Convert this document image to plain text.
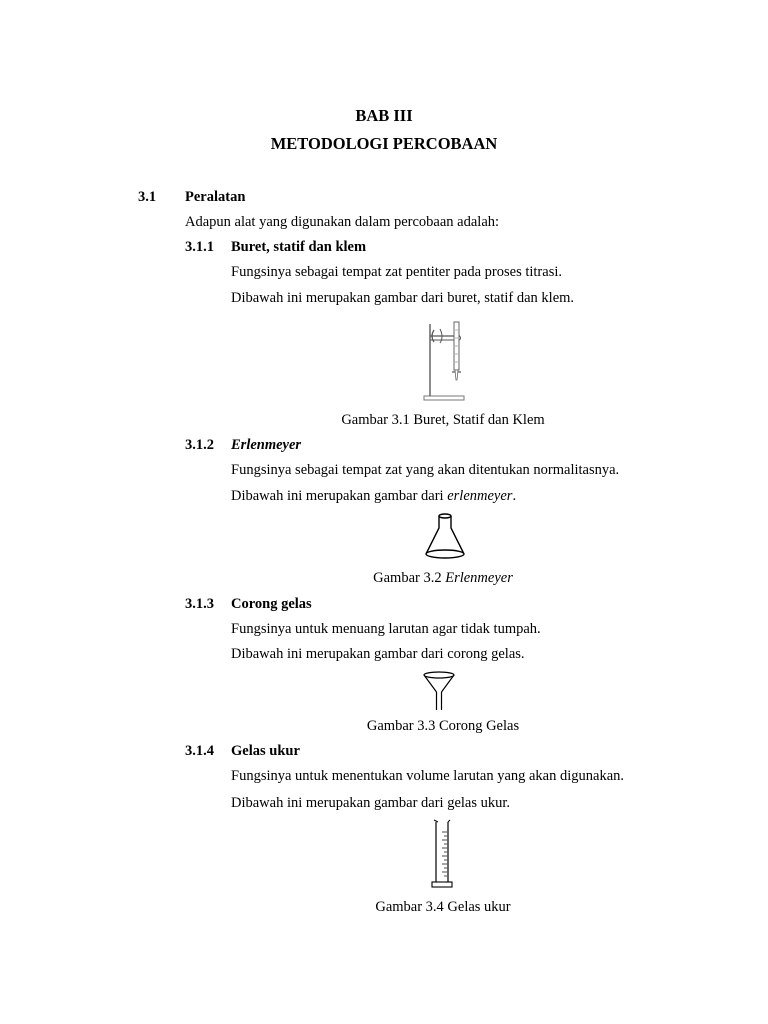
BAB III
METODOLOGI PERCOBAAN
3.1 Peralatan
Adapun alat yang digunakan dalam percobaan adalah:
3.1.1 Buret, statif dan klem
Fungsinya sebagai tempat zat pentiter pada proses titrasi.
Dibawah ini merupakan gambar dari buret, statif dan klem.
Gambar 3.1 Buret, Statif dan Klem
3.1.2 Erlenmeyer
Fungsinya sebagai tempat zat yang akan ditentukan normalitasnya.
Dibawah ini merupakan gambar dari erlenmeyer.
Gambar 3.2 Erlenmeyer
3.1.3 Corong gelas
Fungsinya untuk menuang larutan agar tidak tumpah.
Dibawah ini merupakan gambar dari corong gelas.
Gambar 3.3 Corong Gelas
3.1.4 Gelas ukur
Fungsinya untuk menentukan volume larutan yang akan digunakan.
Dibawah ini merupakan gambar dari gelas ukur.
Gambar 3.4 Gelas ukur
